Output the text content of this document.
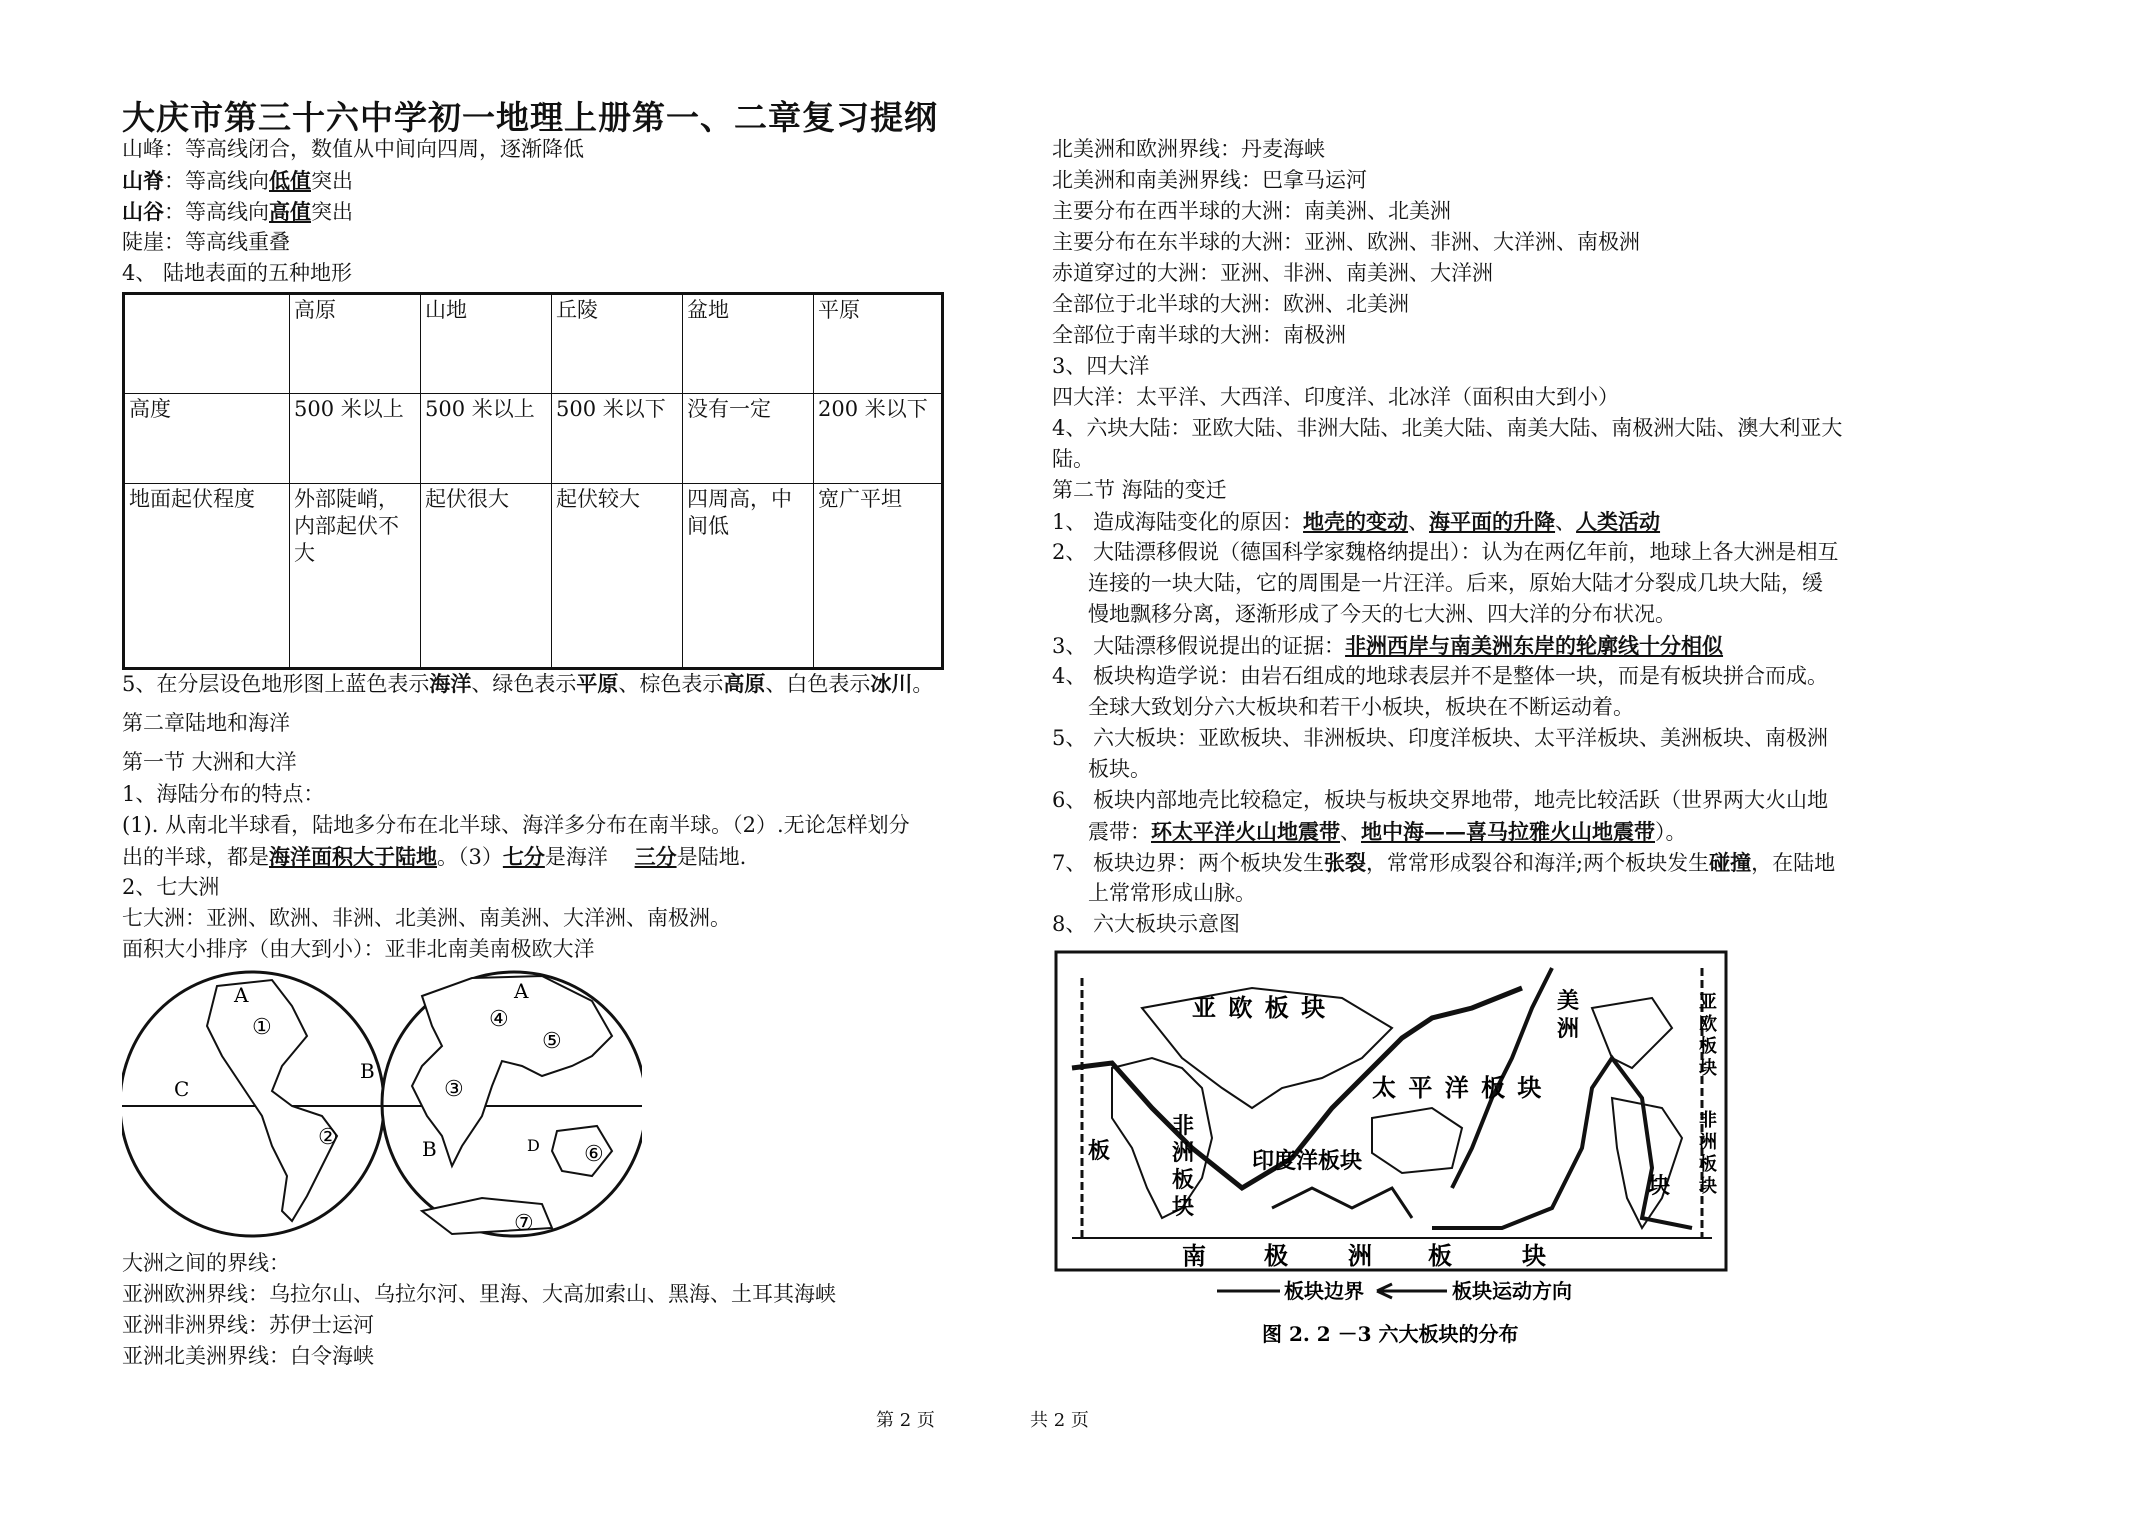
大庆市第三十六中学初一地理上册第一、二章复习提纲
山峰：等高线闭合，数值从中间向四周，逐渐降低
山脊：等高线向低值突出
山谷：等高线向高值突出
陡崖：等高线重叠
4、 陆地表面的五种地形
	高原	山地	丘陵	盆地	平原
高度	500 米以上	500 米以上	500 米以下	没有一定	200 米以下
地面起伏程度	外部陡峭，内部起伏不大	起伏很大	起伏较大	四周高，中间低	宽广平坦
5、在分层设色地形图上蓝色表示海洋、绿色表示平原、棕色表示高原、白色表示冰川。
第二章陆地和海洋
第一节 大洲和大洋
1、海陆分布的特点：
(1). 从南北半球看，陆地多分布在北半球、海洋多分布在南半球。（2）.无论怎样划分
出的半球，都是海洋面积大于陆地。（3）七分是海洋    三分是陆地.
2、七大洲
七大洲：亚洲、欧洲、非洲、北美洲、南美洲、大洋洲、南极洲。
面积大小排序（由大到小）：亚非北南美南极欧大洋
A
B
C
①
②
A
④
⑤
③
B	D ⑥
⑦
大洲之间的界线：
亚洲欧洲界线：乌拉尔山、乌拉尔河、里海、大高加索山、黑海、土耳其海峡
亚洲非洲界线：苏伊士运河
亚洲北美洲界线：白令海峡
北美洲和欧洲界线：丹麦海峡
北美洲和南美洲界线：巴拿马运河
主要分布在西半球的大洲：南美洲、北美洲
主要分布在东半球的大洲：亚洲、欧洲、非洲、大洋洲、南极洲
赤道穿过的大洲：亚洲、非洲、南美洲、大洋洲
全部位于北半球的大洲：欧洲、北美洲
全部位于南半球的大洲：南极洲
3、四大洋
四大洋：太平洋、大西洋、印度洋、北冰洋（面积由大到小）
4、六块大陆：亚欧大陆、非洲大陆、北美大陆、南美大陆、南极洲大陆、澳大利亚大
陆。
第二节 海陆的变迁
1、 造成海陆变化的原因：地壳的变动、海平面的升降、人类活动
2、 大陆漂移假说（德国科学家魏格纳提出）：认为在两亿年前，地球上各大洲是相互
连接的一块大陆，它的周围是一片汪洋。后来，原始大陆才分裂成几块大陆，缓
慢地飘移分离，逐渐形成了今天的七大洲、四大洋的分布状况。
3、 大陆漂移假说提出的证据：非洲西岸与南美洲东岸的轮廓线十分相似
4、 板块构造学说：由岩石组成的地球表层并不是整体一块，而是有板块拼合而成。
全球大致划分六大板块和若干小板块，板块在不断运动着。
5、 六大板块：亚欧板块、非洲板块、印度洋板块、太平洋板块、美洲板块、南极洲
板块。
6、 板块内部地壳比较稳定，板块与板块交界地带，地壳比较活跃（世界两大火山地
震带：环太平洋火山地震带、地中海——喜马拉雅火山地震带）。
7、 板块边界：两个板块发生张裂，常常形成裂谷和海洋;两个板块发生碰撞，在陆地
上常常形成山脉。
8、 六大板块示意图
亚 欧 板 块
非
洲
板
块
太 平 洋 板 块
印度洋板块
美
洲
板
块
亚
欧
板
块
非
洲
板
块
南 极	洲 板	块
板块边界	板块运动方向
图 2. 2 －3 六大板块的分布
第 2 页	共 2 页
